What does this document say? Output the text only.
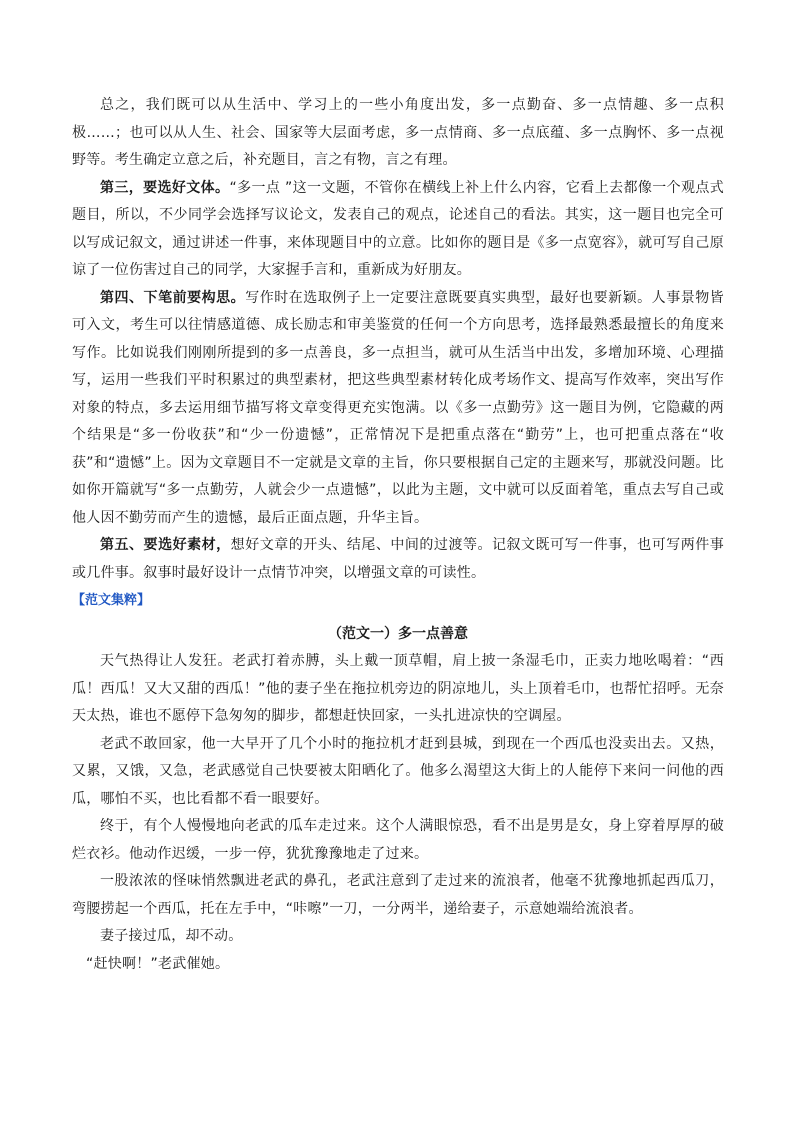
总之，我们既可以从生活中、学习上的一些小角度出发，多一点勤奋、多一点情趣、多一点积极……；也可以从人生、社会、国家等大层面考虑，多一点情商、多一点底蕴、多一点胸怀、多一点视野等。考生确定立意之后，补充题目，言之有物，言之有理。

第三，要选好文体。“多一点 ”这一文题，不管你在横线上补上什么内容，它看上去都像一个观点式题目，所以，不少同学会选择写议论文，发表自己的观点，论述自己的看法。其实，这一题目也完全可以写成记叙文，通过讲述一件事，来体现题目中的立意。比如你的题目是《多一点宽容》，就可写自己原谅了一位伤害过自己的同学，大家握手言和，重新成为好朋友。

第四、下笔前要构思。写作时在选取例子上一定要注意既要真实典型，最好也要新颖。人事景物皆可入文，考生可以往情感道德、成长励志和审美鉴赏的任何一个方向思考，选择最熟悉最擅长的角度来写作。比如说我们刚刚所提到的多一点善良，多一点担当，就可从生活当中出发，多增加环境、心理描写，运用一些我们平时积累过的典型素材，把这些典型素材转化成考场作文、提高写作效率，突出写作对象的特点，多去运用细节描写将文章变得更充实饱满。以《多一点勤劳》这一题目为例，它隐藏的两个结果是“多一份收获”和“少一份遗憾”，正常情况下是把重点落在“勤劳”上，也可把重点落在“收获”和“遗憾”上。因为文章题目不一定就是文章的主旨，你只要根据自己定的主题来写，那就没问题。比如你开篇就写“多一点勤劳，人就会少一点遗憾”，以此为主题，文中就可以反面着笔，重点去写自己或他人因不勤劳而产生的遗憾，最后正面点题，升华主旨。

第五、要选好素材，想好文章的开头、结尾、中间的过渡等。记叙文既可写一件事，也可写两件事或几件事。叙事时最好设计一点情节冲突，以增强文章的可读性。

【范文集粹】

（范文一）多一点善意

天气热得让人发狂。老武打着赤膊，头上戴一顶草帽，肩上披一条湿毛巾，正卖力地吆喝着：“西瓜！西瓜！又大又甜的西瓜！”他的妻子坐在拖拉机旁边的阴凉地儿，头上顶着毛巾，也帮忙招呼。无奈天太热，谁也不愿停下急匆匆的脚步，都想赶快回家，一头扎进凉快的空调屋。

老武不敢回家，他一大早开了几个小时的拖拉机才赶到县城，到现在一个西瓜也没卖出去。又热，又累，又饿，又急，老武感觉自己快要被太阳晒化了。他多么渴望这大街上的人能停下来问一问他的西瓜，哪怕不买，也比看都不看一眼要好。

终于，有个人慢慢地向老武的瓜车走过来。这个人满眼惊恐，看不出是男是女，身上穿着厚厚的破烂衣衫。他动作迟缓，一步一停，犹犹豫豫地走了过来。

一股浓浓的怪味悄然飘进老武的鼻孔，老武注意到了走过来的流浪者，他毫不犹豫地抓起西瓜刀，弯腰捞起一个西瓜，托在左手中，“咔嚓”一刀，一分两半，递给妻子，示意她端给流浪者。

妻子接过瓜，却不动。

“赶快啊！”老武催她。
